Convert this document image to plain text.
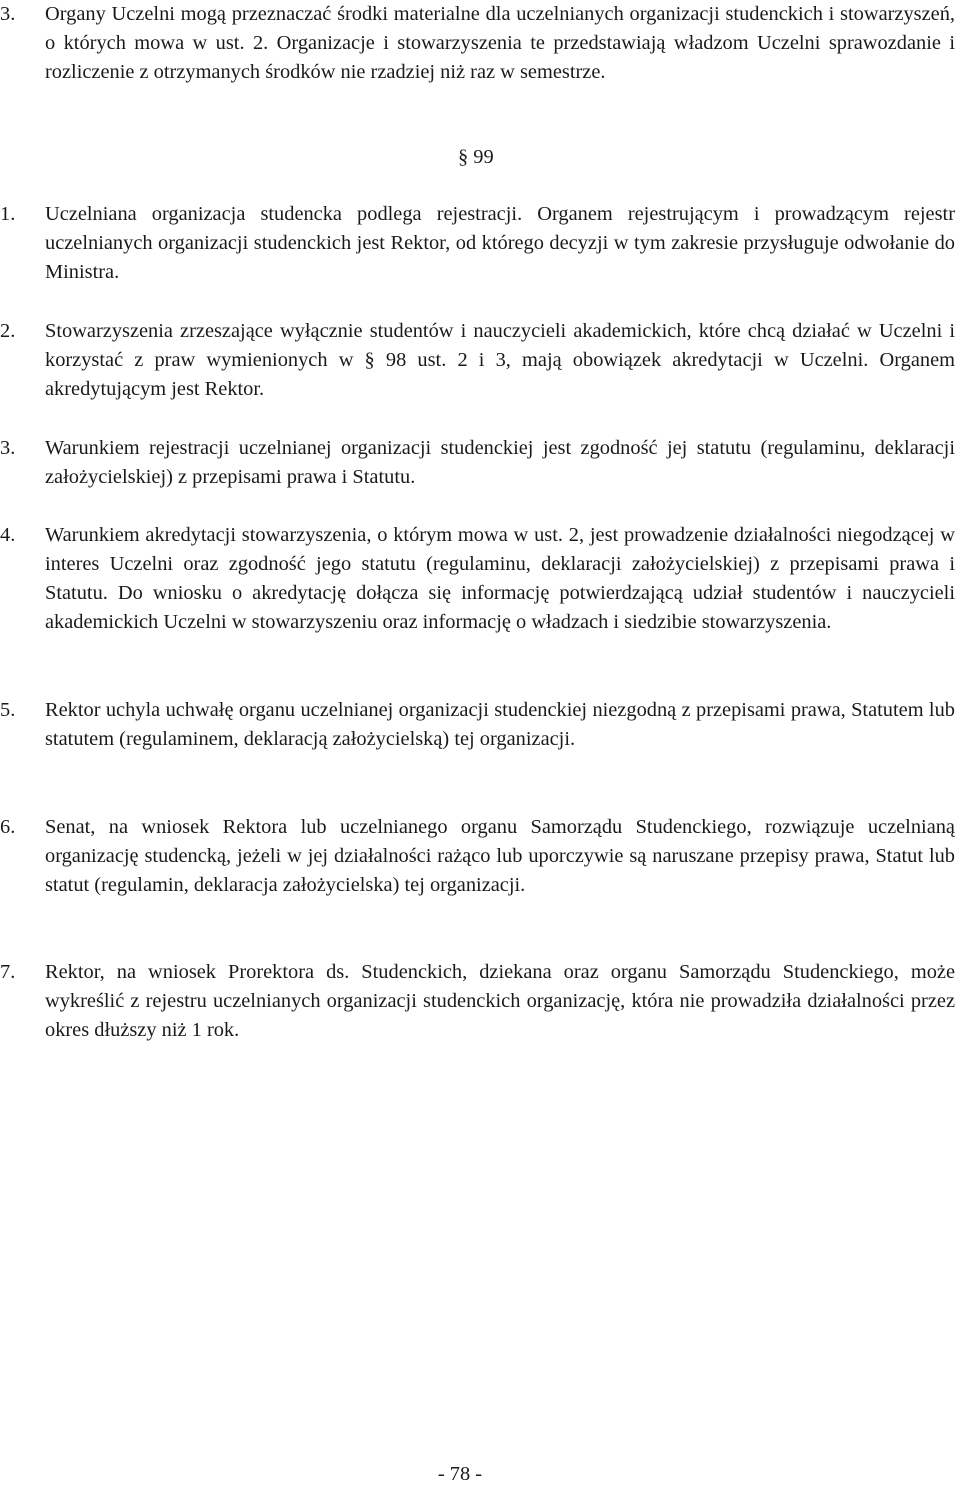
3. Organy Uczelni mogą przeznaczać środki materialne dla uczelnianych organizacji studenckich i stowarzyszeń, o których mowa w ust. 2. Organizacje i stowarzyszenia te przedstawiają władzom Uczelni sprawozdanie i rozliczenie z otrzymanych środków nie rzadziej niż raz w semestrze.
§ 99
1. Uczelniana organizacja studencka podlega rejestracji. Organem rejestrującym i prowadzącym rejestr uczelnianych organizacji studenckich jest Rektor, od którego decyzji w tym zakresie przysługuje odwołanie do Ministra.
2. Stowarzyszenia zrzeszające wyłącznie studentów i nauczycieli akademickich, które chcą działać w Uczelni i korzystać z praw wymienionych w § 98 ust. 2 i 3, mają obowiązek akredytacji w Uczelni. Organem akredytującym jest Rektor.
3. Warunkiem rejestracji uczelnianej organizacji studenckiej jest zgodność jej statutu (regulaminu, deklaracji założycielskiej) z przepisami prawa i Statutu.
4. Warunkiem akredytacji stowarzyszenia, o którym mowa w ust. 2, jest prowadzenie działalności niegodzącej w interes Uczelni oraz zgodność jego statutu (regulaminu, deklaracji założycielskiej) z przepisami prawa i Statutu. Do wniosku o akredytację dołącza się informację potwierdzającą udział studentów i nauczycieli akademickich Uczelni w stowarzyszeniu oraz informację o władzach i siedzibie stowarzyszenia.
5. Rektor uchyla uchwałę organu uczelnianej organizacji studenckiej niezgodną z przepisami prawa, Statutem lub statutem (regulaminem, deklaracją założycielską) tej organizacji.
6. Senat, na wniosek Rektora lub uczelnianego organu Samorządu Studenckiego, rozwiązuje uczelnianą organizację studencką, jeżeli w jej działalności rażąco lub uporczywie są naruszane przepisy prawa, Statut lub statut (regulamin, deklaracja założycielska) tej organizacji.
7. Rektor, na wniosek Prorektora ds. Studenckich, dziekana oraz organu Samorządu Studenckiego, może wykreślić z rejestru uczelnianych organizacji studenckich organizację, która nie prowadziła działalności przez okres dłuższy niż 1 rok.
- 78 -
